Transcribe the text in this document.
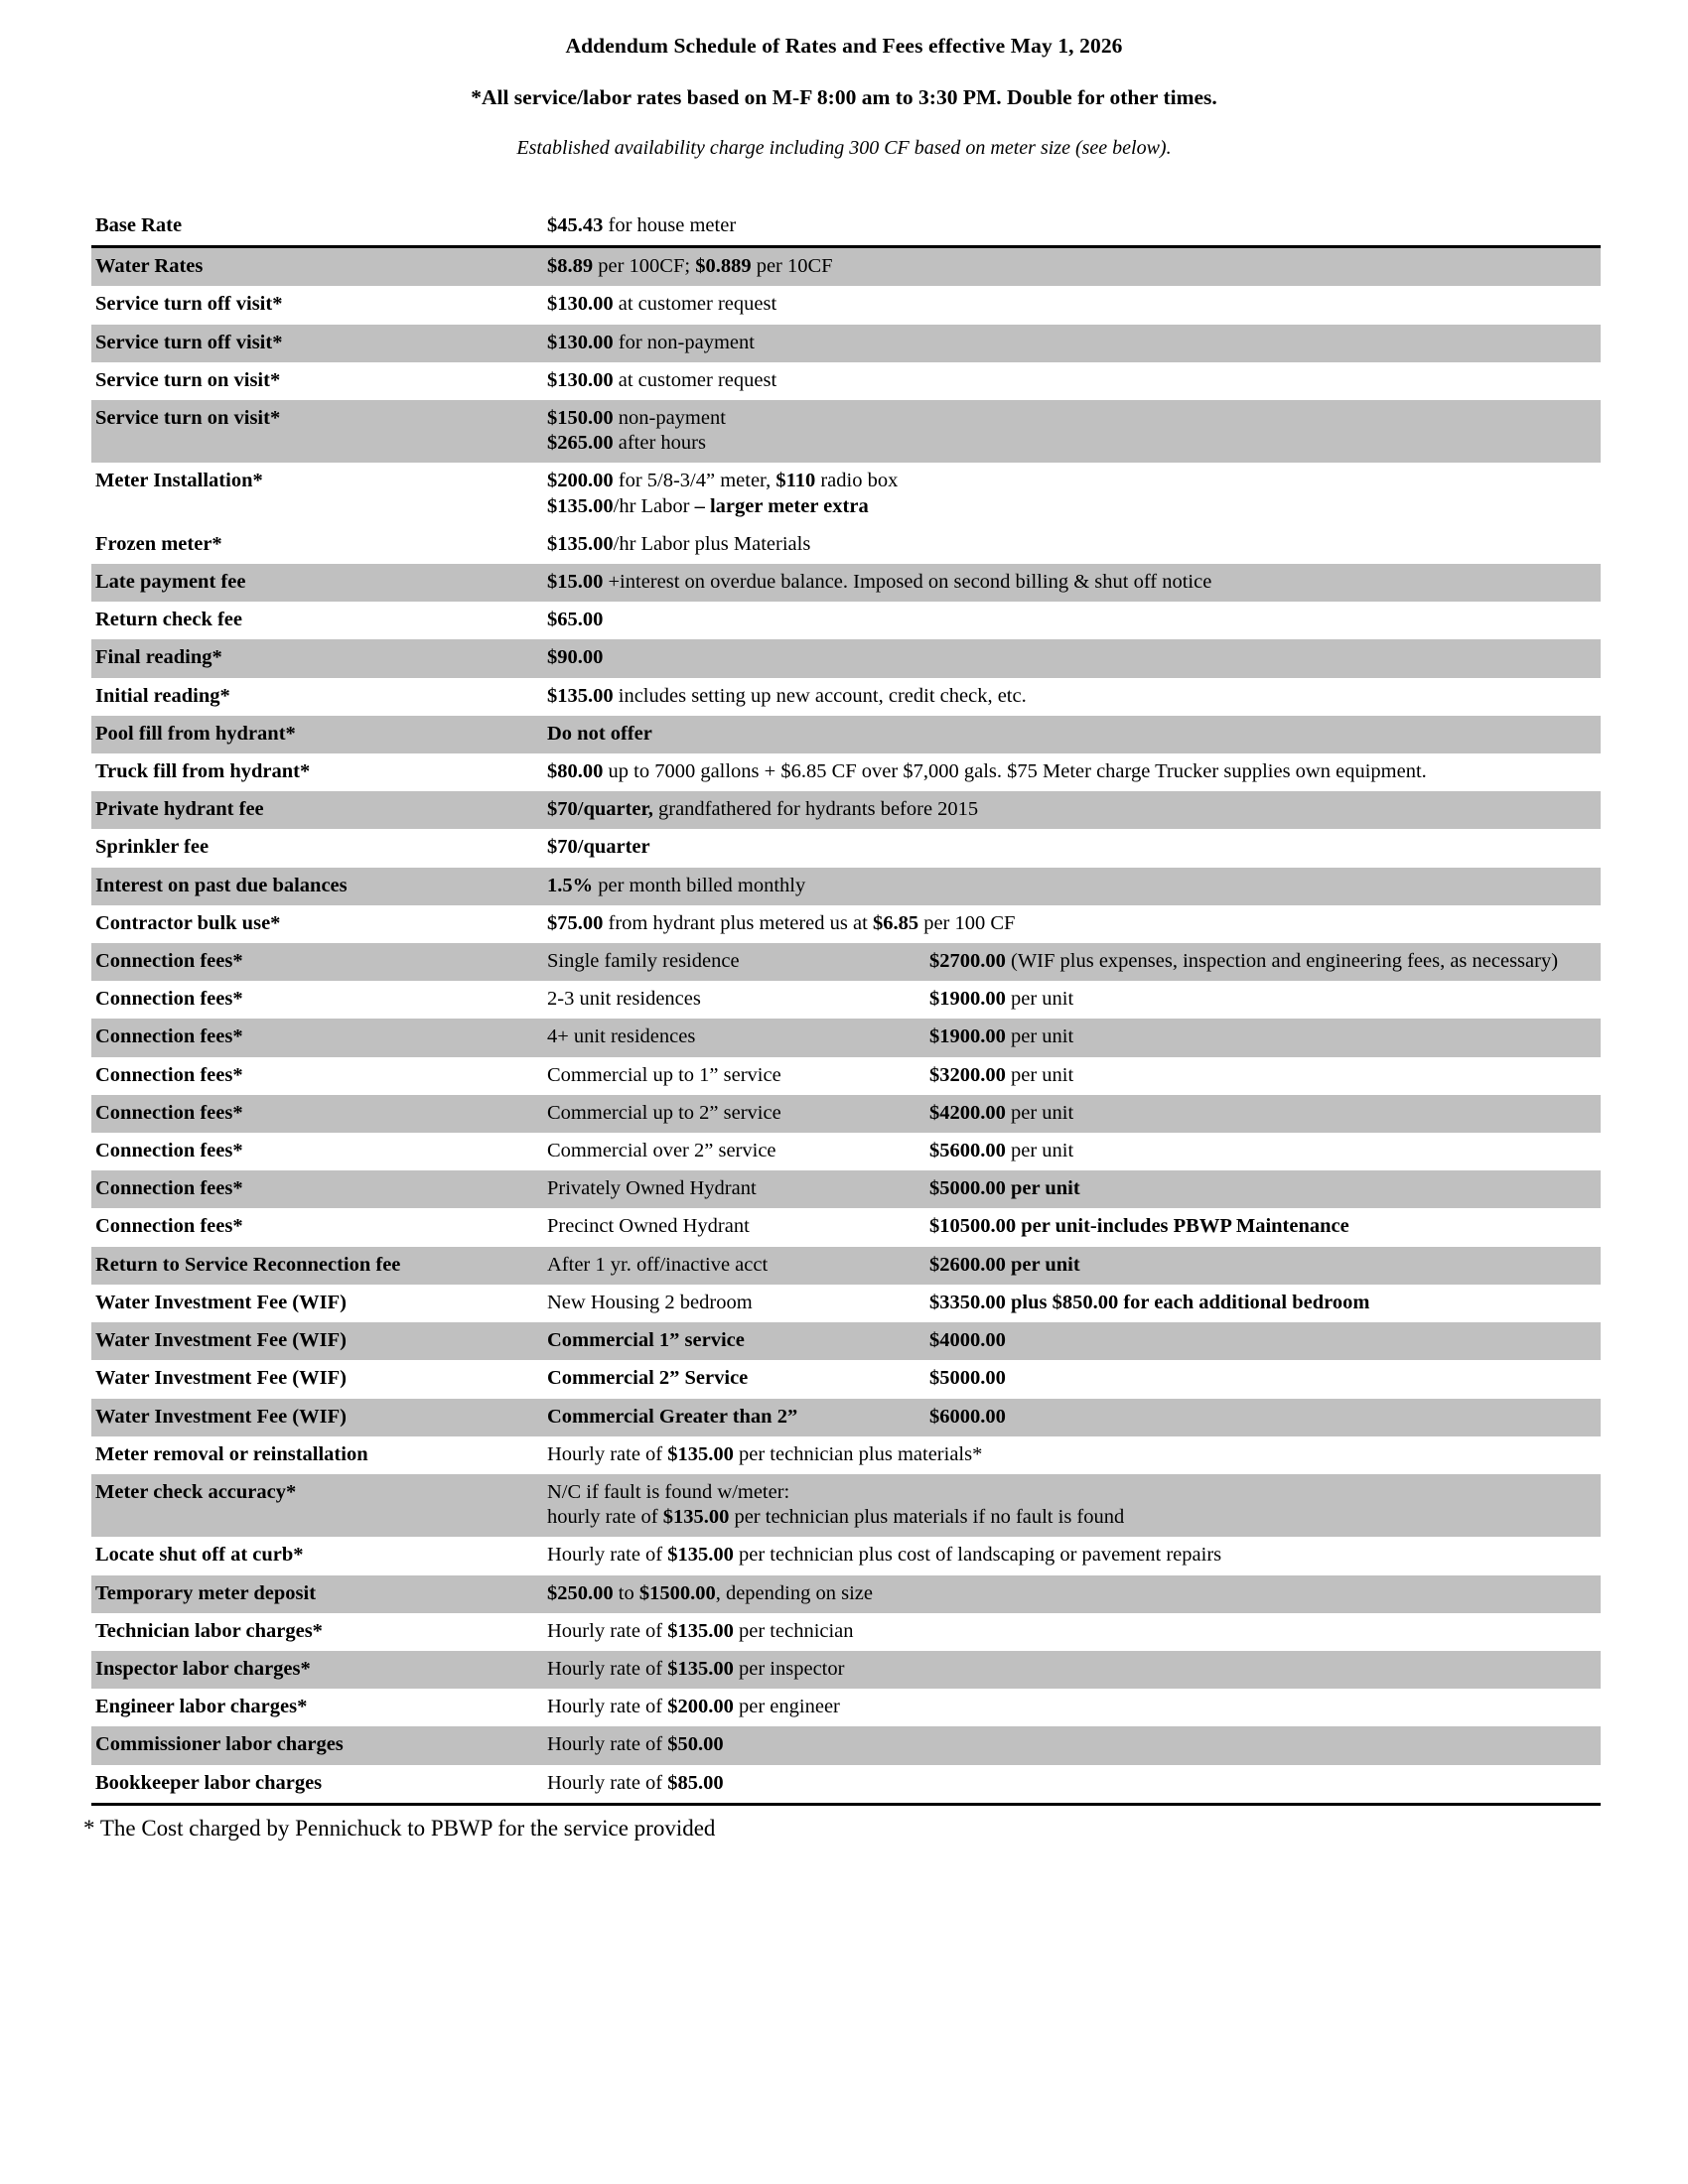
Addendum Schedule of Rates and Fees effective May 1, 2026
*All service/labor rates based on M-F 8:00 am to 3:30 PM. Double for other times.
Established availability charge including 300 CF based on meter size (see below).
Base Rate	$45.43 for house meter	

Water Rates	$8.89 per 100CF; $0.889 per 10CF	

Service turn off visit*	$130.00 at customer request	

Service turn off visit*	$130.00 for non-payment	

Service turn on visit*	$130.00 at customer request	

Service turn on visit*	$150.00 non-payment
$265.00 after hours	

Meter Installation*	$200.00 for 5/8-3/4” meter, $110 radio box
$135.00/hr Labor – larger meter extra	

Frozen meter*	$135.00/hr Labor plus Materials	

Late payment fee	$15.00 +interest on overdue balance. Imposed on second billing & shut off notice	

Return check fee	$65.00	

Final reading*	$90.00	

Initial reading*	$135.00 includes setting up new account, credit check, etc.	

Pool fill from hydrant*	Do not offer	

Truck fill from hydrant*	$80.00 up to 7000 gallons + $6.85 CF over $7,000 gals. $75 Meter charge Trucker supplies own equipment.	

Private hydrant fee	$70/quarter, grandfathered for hydrants before 2015	

Sprinkler fee	$70/quarter	

Interest on past due balances	1.5% per month billed monthly	

Contractor bulk use*	$75.00 from hydrant plus metered us at $6.85 per 100 CF	

Connection fees*	Single family residence	$2700.00 (WIF plus expenses, inspection and engineering fees, as necessary)

Connection fees*	2-3 unit residences	$1900.00 per unit

Connection fees*	4+ unit residences	$1900.00 per unit

Connection fees*	Commercial up to 1” service	$3200.00 per unit

Connection fees*	Commercial up to 2” service	$4200.00 per unit

Connection fees*	Commercial over 2” service	$5600.00 per unit

Connection fees*	Privately Owned Hydrant	$5000.00 per unit

Connection fees*	Precinct Owned Hydrant	$10500.00 per unit-includes PBWP Maintenance

Return to Service Reconnection fee	After 1 yr. off/inactive acct	$2600.00 per unit

Water Investment Fee (WIF)	New Housing 2 bedroom	$3350.00 plus $850.00 for each additional bedroom

Water Investment Fee (WIF)	Commercial 1” service	$4000.00

Water Investment Fee (WIF)	Commercial 2” Service	$5000.00

Water Investment Fee (WIF)	Commercial Greater than 2”	$6000.00

Meter removal or reinstallation	Hourly rate of $135.00 per technician plus materials*	

Meter check accuracy*	N/C if fault is found w/meter:
hourly rate of $135.00 per technician plus materials if no fault is found	

Locate shut off at curb*	Hourly rate of $135.00 per technician plus cost of landscaping or pavement repairs	

Temporary meter deposit	$250.00 to $1500.00, depending on size	

Technician labor charges*	Hourly rate of $135.00 per technician	

Inspector labor charges*	Hourly rate of $135.00 per inspector	

Engineer labor charges*	Hourly rate of $200.00 per engineer	

Commissioner labor charges	Hourly rate of $50.00	

Bookkeeper labor charges	Hourly rate of $85.00	
* The Cost charged by Pennichuck to PBWP for the service provided
